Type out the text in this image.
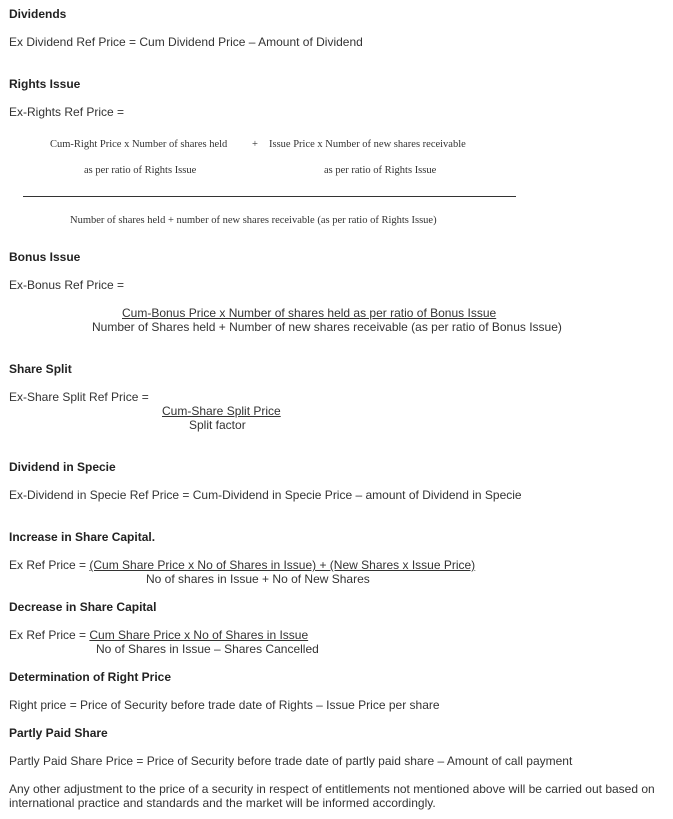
Dividends
Ex Dividend Ref Price = Cum Dividend Price – Amount of Dividend
Rights Issue
Ex-Rights Ref Price =
Cum-Right Price x Number of shares held + Issue Price x Number of new shares receivable
as per ratio of Rights Issue	as per ratio of Rights Issue
Number of shares held + number of new shares receivable (as per ratio of Rights Issue)
Bonus Issue
Ex-Bonus Ref Price =
Cum-Bonus Price x Number of shares held as per ratio of Bonus Issue
Number of Shares held + Number of new shares receivable (as per ratio of Bonus Issue)
Share Split
Ex-Share Split Ref Price =
Cum-Share Split Price
Split factor
Dividend in Specie
Ex-Dividend in Specie Ref Price = Cum-Dividend in Specie Price – amount of Dividend in Specie
Increase in Share Capital.
Ex Ref Price = (Cum Share Price x No of Shares in Issue) + (New Shares x Issue Price)
No of shares in Issue + No of New Shares
Decrease in Share Capital
Ex Ref Price = Cum Share Price x No of Shares in Issue
No of Shares in Issue – Shares Cancelled
Determination of Right Price
Right price = Price of Security before trade date of Rights – Issue Price per share
Partly Paid Share
Partly Paid Share Price = Price of Security before trade date of partly paid share – Amount of call payment
Any other adjustment to the price of a security in respect of entitlements not mentioned above will be carried out based on international practice and standards and the market will be informed accordingly.
